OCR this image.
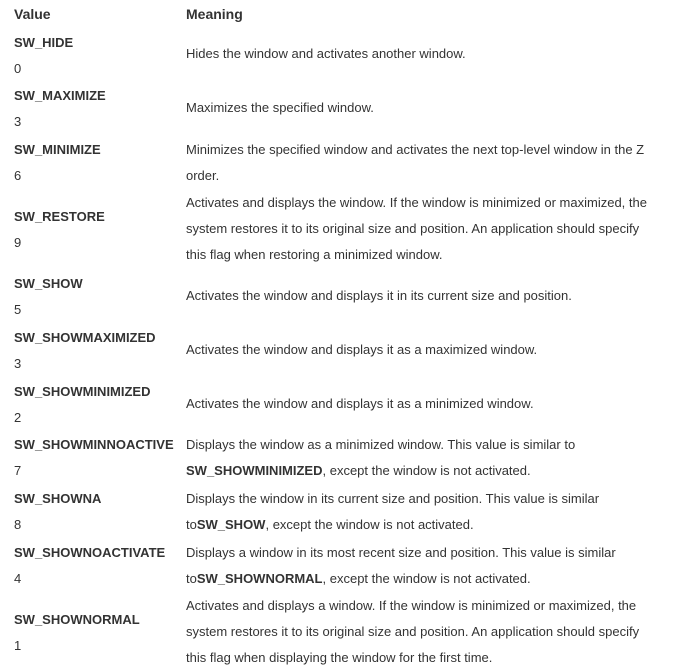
Value	Meaning
SW_HIDE
0
Hides the window and activates another window.
SW_MAXIMIZE
3
Maximizes the specified window.
SW_MINIMIZE
6
Minimizes the specified window and activates the next top-level window in the Z
order.
SW_RESTORE
9
Activates and displays the window. If the window is minimized or maximized, the
system restores it to its original size and position. An application should specify
this flag when restoring a minimized window.
SW_SHOW
5
Activates the window and displays it in its current size and position.
SW_SHOWMAXIMIZED
3
Activates the window and displays it as a maximized window.
SW_SHOWMINIMIZED
2
Activates the window and displays it as a minimized window.
SW_SHOWMINNOACTIVE
7
Displays the window as a minimized window. This value is similar to
SW_SHOWMINIMIZED, except the window is not activated.
SW_SHOWNA
8
Displays the window in its current size and position. This value is similar
toSW_SHOW, except the window is not activated.
SW_SHOWNOACTIVATE
4
Displays a window in its most recent size and position. This value is similar
toSW_SHOWNORMAL, except the window is not activated.
SW_SHOWNORMAL
1
Activates and displays a window. If the window is minimized or maximized, the
system restores it to its original size and position. An application should specify
this flag when displaying the window for the first time.
